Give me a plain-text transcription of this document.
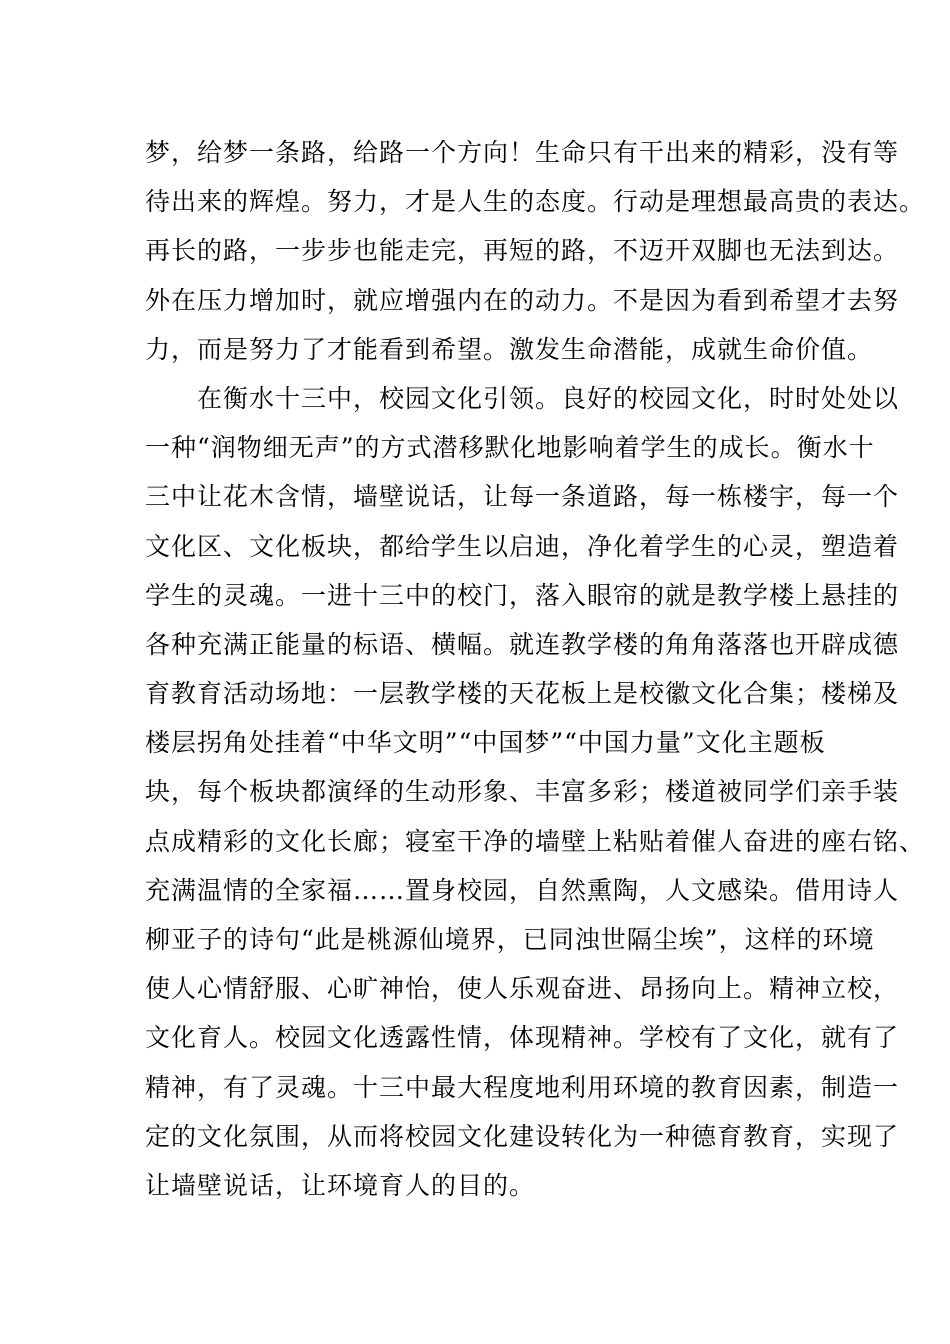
梦，给梦一条路，给路一个方向！生命只有干出来的精彩，没有等
待出来的辉煌。努力，才是人生的态度。行动是理想最高贵的表达。
再长的路，一步步也能走完，再短的路，不迈开双脚也无法到达。
外在压力增加时，就应增强内在的动力。不是因为看到希望才去努
力，而是努力了才能看到希望。激发生命潜能，成就生命价值。
在衡水十三中，校园文化引领。良好的校园文化，时时处处以
一种“润物细无声”的方式潜移默化地影响着学生的成长。衡水十
三中让花木含情，墙壁说话，让每一条道路，每一栋楼宇，每一个
文化区、文化板块，都给学生以启迪，净化着学生的心灵，塑造着
学生的灵魂。一进十三中的校门，落入眼帘的就是教学楼上悬挂的
各种充满正能量的标语、横幅。就连教学楼的角角落落也开辟成德
育教育活动场地：一层教学楼的天花板上是校徽文化合集；楼梯及
楼层拐角处挂着“中华文明”“中国梦”“中国力量”文化主题板
块，每个板块都演绎的生动形象、丰富多彩；楼道被同学们亲手装
点成精彩的文化长廊；寝室干净的墙壁上粘贴着催人奋进的座右铭、
充满温情的全家福……置身校园，自然熏陶，人文感染。借用诗人
柳亚子的诗句“此是桃源仙境界，已同浊世隔尘埃”，这样的环境
使人心情舒服、心旷神怡，使人乐观奋进、昂扬向上。精神立校，
文化育人。校园文化透露性情，体现精神。学校有了文化，就有了
精神，有了灵魂。十三中最大程度地利用环境的教育因素，制造一
定的文化氛围，从而将校园文化建设转化为一种德育教育，实现了
让墙壁说话，让环境育人的目的。
